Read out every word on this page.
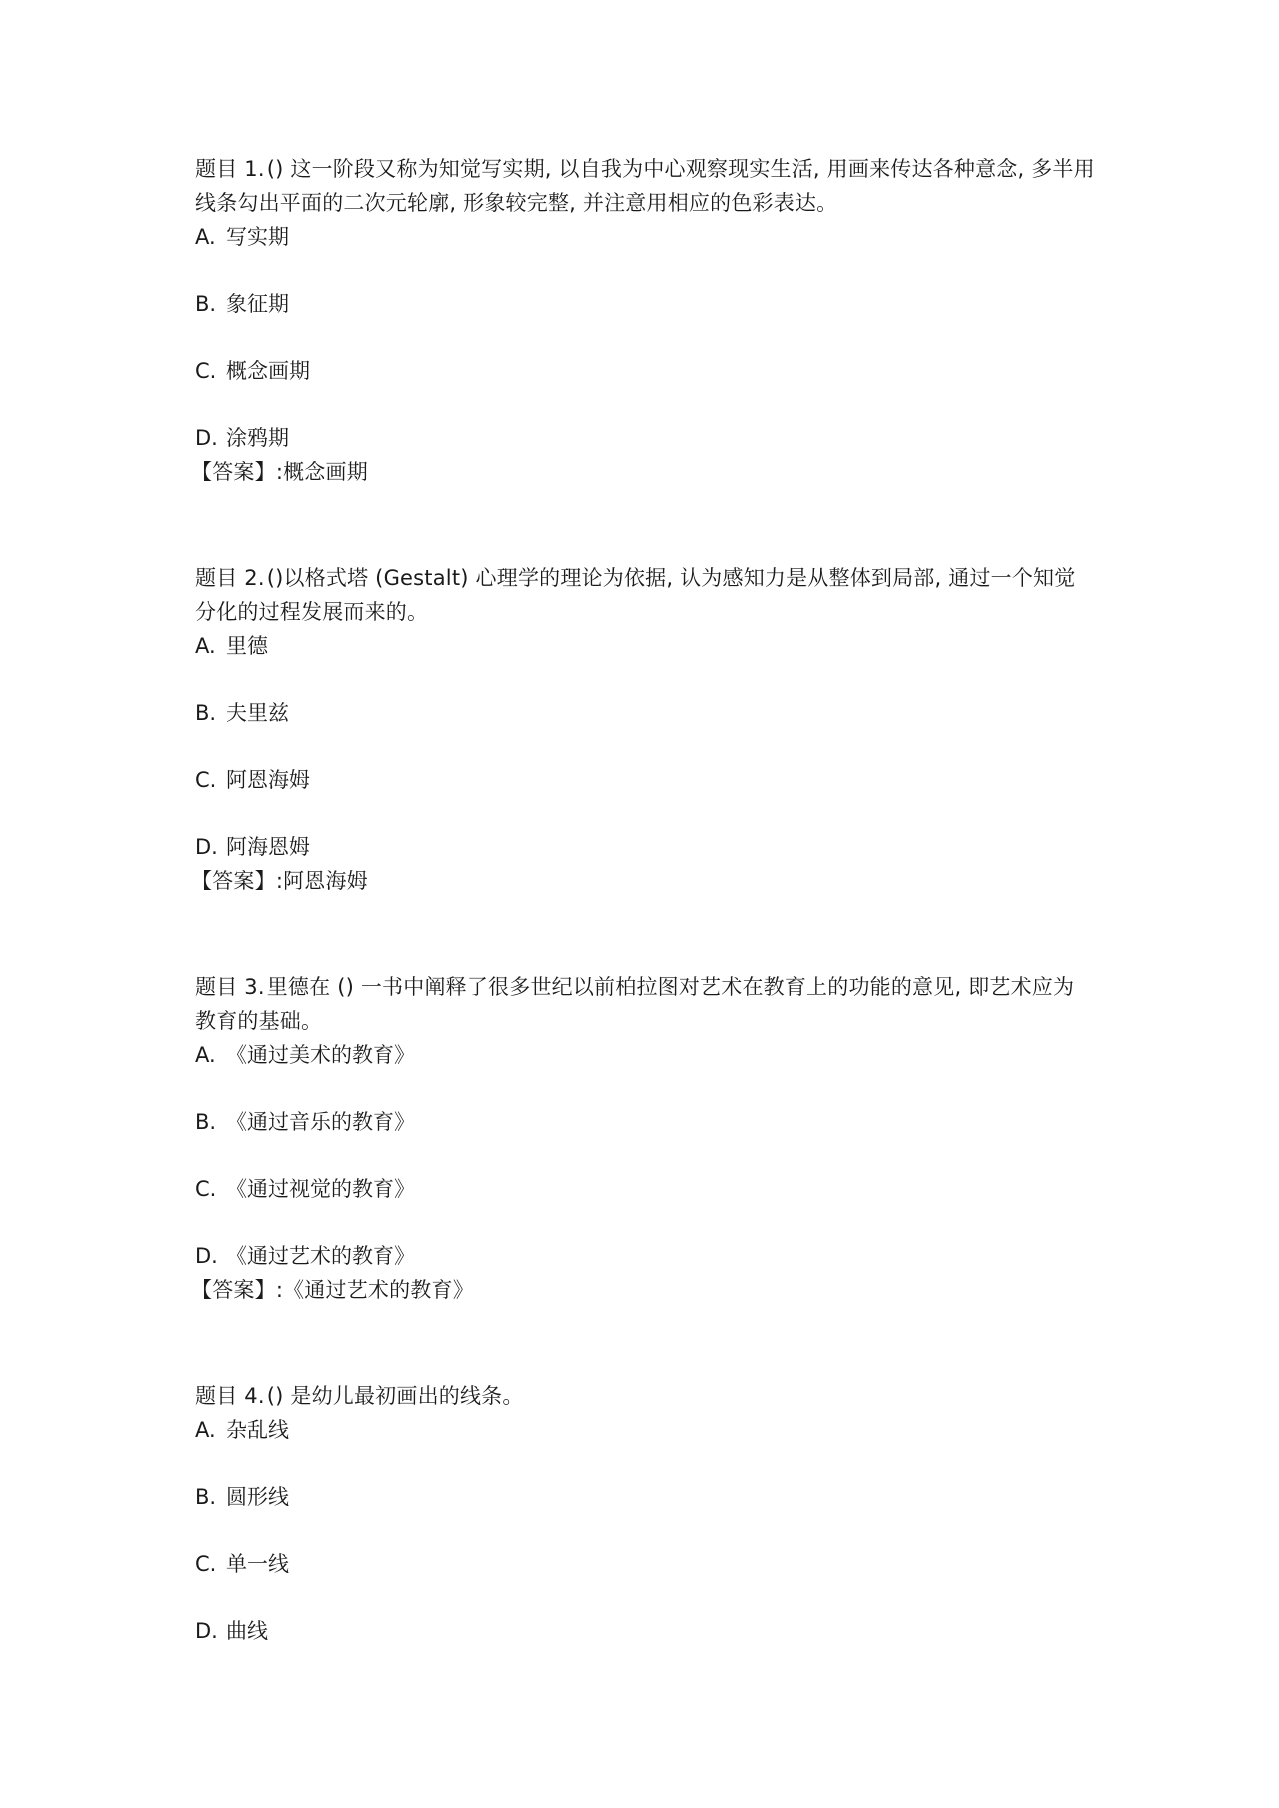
题目 1.() 这一阶段又称为知觉写实期, 以自我为中心观察现实生活, 用画来传达各种意念, 多半用线条勾出平面的二次元轮廓, 形象较完整, 并注意用相应的色彩表达。

A. 写实期
B. 象征期
C. 概念画期
D. 涂鸦期

【答案】:概念画期

题目 2.()以格式塔 (Gestalt) 心理学的理论为依据, 认为感知力是从整体到局部, 通过一个知觉分化的过程发展而来的。

A. 里德
B. 夫里兹
C. 阿恩海姆
D. 阿海恩姆

【答案】:阿恩海姆

题目 3.里德在 () 一书中阐释了很多世纪以前柏拉图对艺术在教育上的功能的意见, 即艺术应为教育的基础。

A. 《通过美术的教育》
B. 《通过音乐的教育》
C. 《通过视觉的教育》
D. 《通过艺术的教育》

【答案】:《通过艺术的教育》

题目 4.() 是幼儿最初画出的线条。

A. 杂乱线
B. 圆形线
C. 单一线
D. 曲线
